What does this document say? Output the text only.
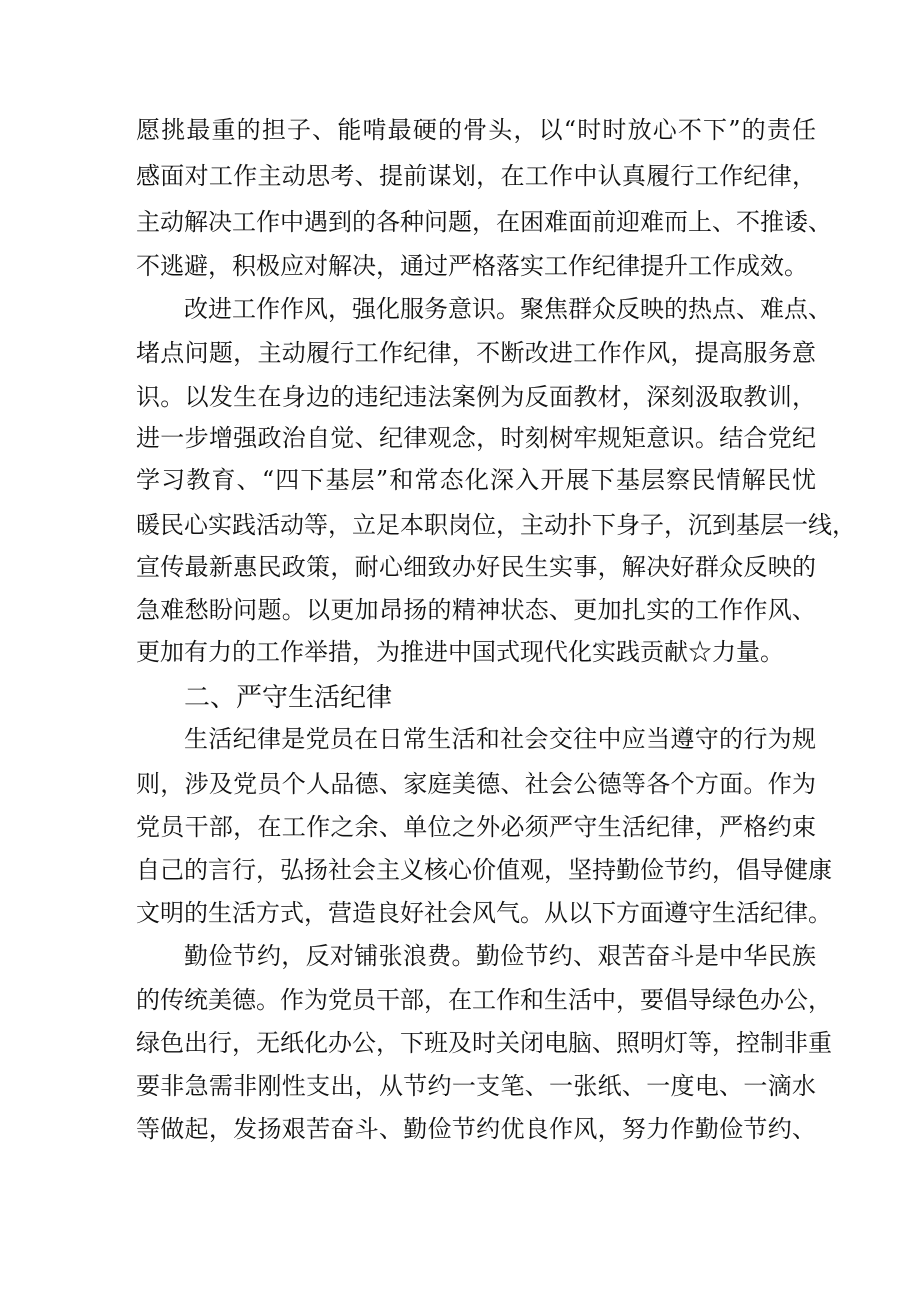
愿挑最重的担子、能啃最硬的骨头，以“时时放心不下”的责任
感面对工作主动思考、提前谋划，在工作中认真履行工作纪律，
主动解决工作中遇到的各种问题，在困难面前迎难而上、不推诿、
不逃避，积极应对解决，通过严格落实工作纪律提升工作成效。
改进工作作风，强化服务意识。聚焦群众反映的热点、难点、
堵点问题，主动履行工作纪律，不断改进工作作风，提高服务意
识。以发生在身边的违纪违法案例为反面教材，深刻汲取教训，
进一步增强政治自觉、纪律观念，时刻树牢规矩意识。结合党纪
学习教育、“四下基层”和常态化深入开展下基层察民情解民忧
暖民心实践活动等，立足本职岗位，主动扑下身子，沉到基层一线，
宣传最新惠民政策，耐心细致办好民生实事，解决好群众反映的
急难愁盼问题。以更加昂扬的精神状态、更加扎实的工作作风、
更加有力的工作举措，为推进中国式现代化实践贡献☆力量。
二、严守生活纪律
生活纪律是党员在日常生活和社会交往中应当遵守的行为规
则，涉及党员个人品德、家庭美德、社会公德等各个方面。作为
党员干部，在工作之余、单位之外必须严守生活纪律，严格约束
自己的言行，弘扬社会主义核心价值观，坚持勤俭节约，倡导健康
文明的生活方式，营造良好社会风气。从以下方面遵守生活纪律。
勤俭节约，反对铺张浪费。勤俭节约、艰苦奋斗是中华民族
的传统美德。作为党员干部，在工作和生活中，要倡导绿色办公，
绿色出行，无纸化办公，下班及时关闭电脑、照明灯等，控制非重
要非急需非刚性支出，从节约一支笔、一张纸、一度电、一滴水
等做起，发扬艰苦奋斗、勤俭节约优良作风，努力作勤俭节约、
